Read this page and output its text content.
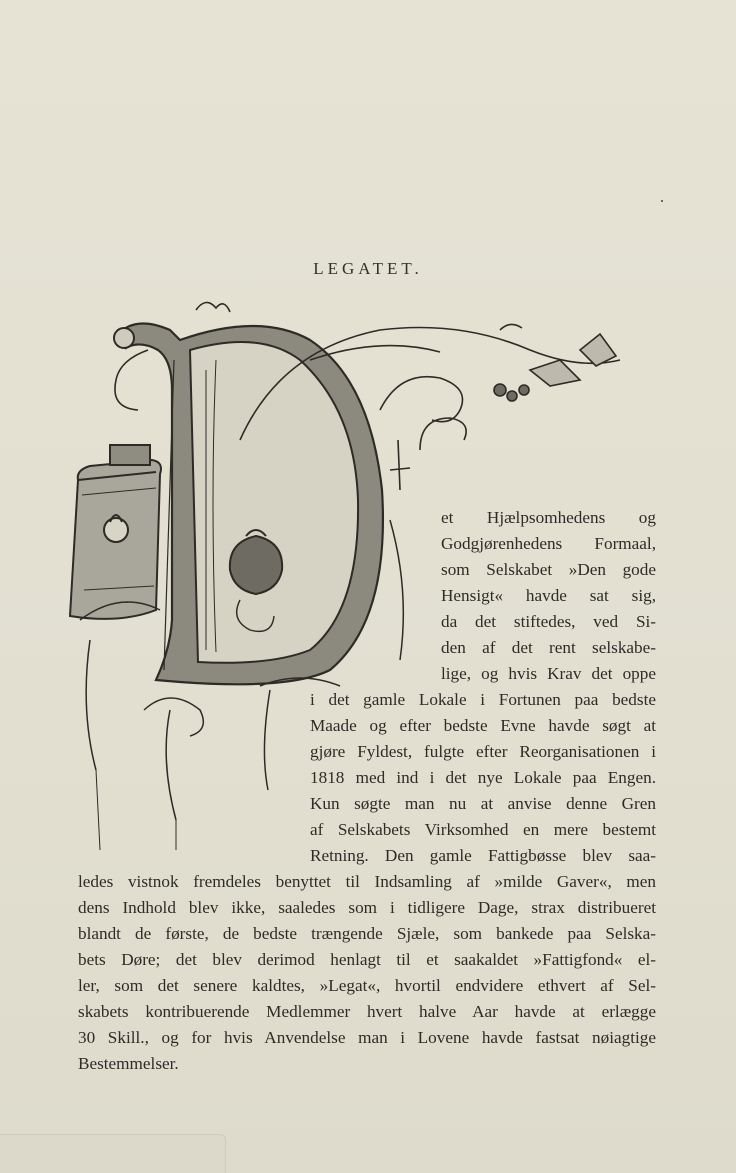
LEGATET.
et Hjælpsomhedens og
Godgjørenhedens Formaal,
som Selskabet »Den gode
Hensigt« havde sat sig,
da det stiftedes, ved Si-
den af det rent selskabe-
lige, og hvis Krav det oppe
i det gamle Lokale i Fortunen paa bedste
Maade og efter bedste Evne havde søgt at
gjøre Fyldest, fulgte efter Reorganisationen i
1818 med ind i det nye Lokale paa Engen.
Kun søgte man nu at anvise denne Gren
af Selskabets Virksomhed en mere bestemt
Retning. Den gamle Fattigbøsse blev saa-
ledes vistnok fremdeles benyttet til Indsamling af »milde Gaver«, men
dens Indhold blev ikke, saaledes som i tidligere Dage, strax distribueret
blandt de første, de bedste trængende Sjæle, som bankede paa Selska-
bets Døre; det blev derimod henlagt til et saakaldet »Fattigfond« el-
ler, som det senere kaldtes, »Legat«, hvortil endvidere ethvert af Sel-
skabets kontribuerende Medlemmer hvert halve Aar havde at erlægge
30 Skill., og for hvis Anvendelse man i Lovene havde fastsat nøiagtige
Bestemmelser.
